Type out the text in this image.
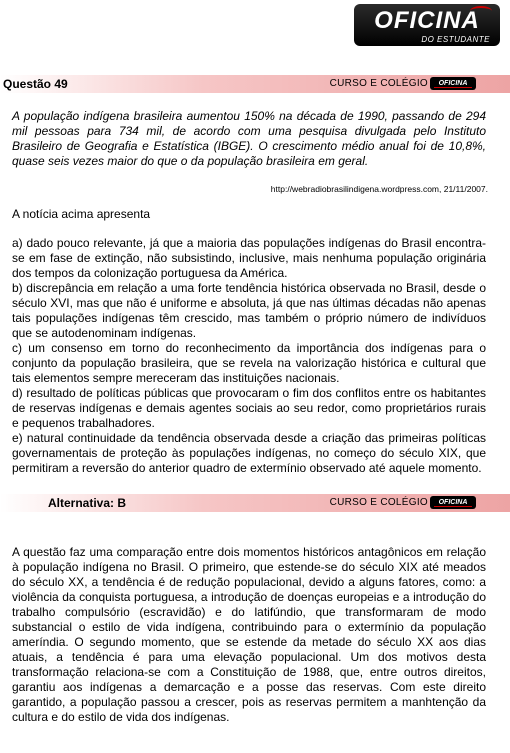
OFICINA
DO ESTUDANTE
Questão 49	CURSO E COLÉGIO	OFICINA
A população indígena brasileira aumentou 150% na década de 1990, passando de 294 mil pessoas para 734 mil, de acordo com uma pesquisa divulgada pelo Instituto Brasileiro de Geografia e Estatística (IBGE). O crescimento médio anual foi de 10,8%, quase seis vezes maior do que o da população brasileira em geral.
http://webradiobrasilindigena.wordpress.com, 21/11/2007.
A notícia acima apresenta

a) dado pouco relevante, já que a maioria das populações indígenas do Brasil encontra-se em fase de extinção, não subsistindo, inclusive, mais nenhuma população originária dos tempos da colonização portuguesa da América.

b) discrepância em relação a uma forte tendência histórica observada no Brasil, desde o século XVI, mas que não é uniforme e absoluta, já que nas últimas décadas não apenas tais populações indígenas têm crescido, mas também o próprio número de indivíduos que se autodenominam indígenas.

c) um consenso em torno do reconhecimento da importância dos indígenas para o conjunto da população brasileira, que se revela na valorização histórica e cultural que tais elementos sempre mereceram das instituições nacionais.

d) resultado de políticas públicas que provocaram o fim dos conflitos entre os habitantes de reservas indígenas e demais agentes sociais ao seu redor, como proprietários rurais e pequenos trabalhadores.

e) natural continuidade da tendência observada desde a criação das primeiras políticas governamentais de proteção às populações indígenas, no começo do século XIX, que permitiram a reversão do anterior quadro de extermínio observado até aquele momento.

Alternativa: B	CURSO E COLÉGIO	OFICINA

A questão faz uma comparação entre dois momentos históricos antagônicos em relação à população indígena no Brasil. O primeiro, que estende-se do século XIX até meados do século XX, a tendência é de redução populacional, devido a alguns fatores, como: a violência da conquista portuguesa, a introdução de doenças europeias e a introdução do trabalho compulsório (escravidão) e do latifúndio, que transformaram de modo substancial o estilo de vida indígena, contribuindo para o extermínio da população ameríndia. O segundo momento, que se estende da metade do século XX aos dias atuais, a tendência é para uma elevação populacional. Um dos motivos desta transformação relaciona-se com a Constituição de 1988, que, entre outros direitos, garantiu aos indígenas a demarcação e a posse das reservas. Com este direito garantido, a população passou a crescer, pois as reservas permitem a manhtenção da cultura e do estilo de vida dos indígenas.
